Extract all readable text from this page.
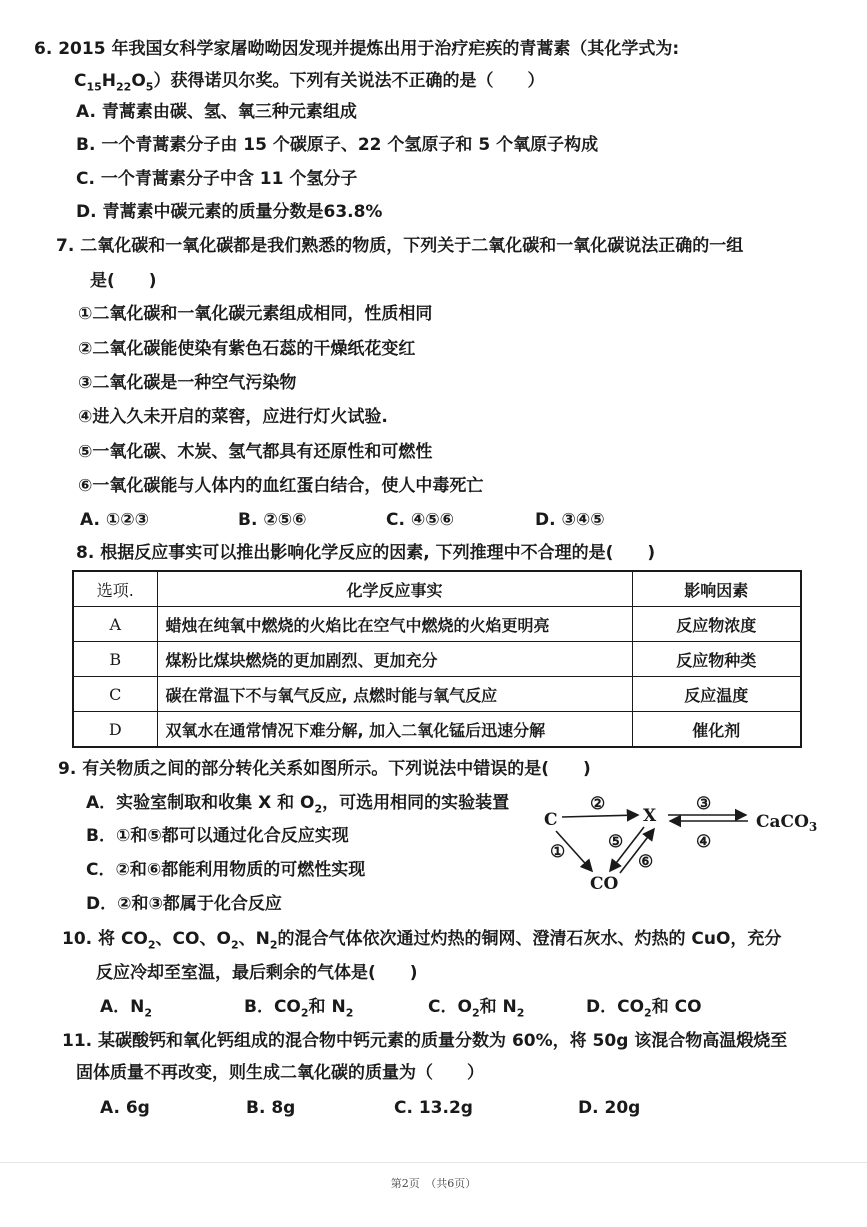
6. 2015 年我国女科学家屠呦呦因发现并提炼出用于治疗疟疾的青蒿素（其化学式为:
$C_{15}H_{22}O_5$）获得诺贝尔奖。下列有关说法不正确的是（　　）
A. 青蒿素由碳、氢、氧三种元素组成
B. 一个青蒿素分子由 15 个碳原子、22 个氢原子和 5 个氧原子构成
C. 一个青蒿素分子中含 11 个氢分子
D. 青蒿素中碳元素的质量分数是63.8%
7. 二氧化碳和一氧化碳都是我们熟悉的物质，下列关于二氧化碳和一氧化碳说法正确的一组
是(　　)
①二氧化碳和一氧化碳元素组成相同，性质相同
②二氧化碳能使染有紫色石蕊的干燥纸花变红
③二氧化碳是一种空气污染物
④进入久未开启的菜窖，应进行灯火试验.
⑤一氧化碳、木炭、氢气都具有还原性和可燃性
⑥一氧化碳能与人体内的血红蛋白结合，使人中毒死亡
A. ①②③	B. ②⑤⑥	C. ④⑤⑥	D. ③④⑤
8. 根据反应事实可以推出影响化学反应的因素, 下列推理中不合理的是(　　)
选项.	化学反应事实	影响因素
A	蜡烛在纯氧中燃烧的火焰比在空气中燃烧的火焰更明亮	反应物浓度
B	煤粉比煤块燃烧的更加剧烈、更加充分	反应物种类
C	碳在常温下不与氧气反应, 点燃时能与氧气反应	反应温度
D	双氧水在通常情况下难分解, 加入二氧化锰后迅速分解	催化剂
9. 有关物质之间的部分转化关系如图所示。下列说法中错误的是(　　)
A．实验室制取和收集 X 和 $O_2$，可选用相同的实验装置
B．①和⑤都可以通过化合反应实现
C．②和⑥都能利用物质的可燃性实现
D．②和③都属于化合反应
C	X	CaCO$_3$
CO
②	③
④
①	⑤
⑥
10. 将 $CO_2$、CO、$O_2$、$N_2$的混合气体依次通过灼热的铜网、澄清石灰水、灼热的 CuO，充分
反应冷却至室温，最后剩余的气体是(　　)
A．$N_2$	B．$CO_2$和 $N_2$	C．$O_2$和 $N_2$	D．$CO_2$和 CO
11. 某碳酸钙和氧化钙组成的混合物中钙元素的质量分数为 60%，将 50g 该混合物高温煅烧至
固体质量不再改变，则生成二氧化碳的质量为（　　）
A. 6g	B. 8g	C. 13.2g	D. 20g
第2页　（共6页）
